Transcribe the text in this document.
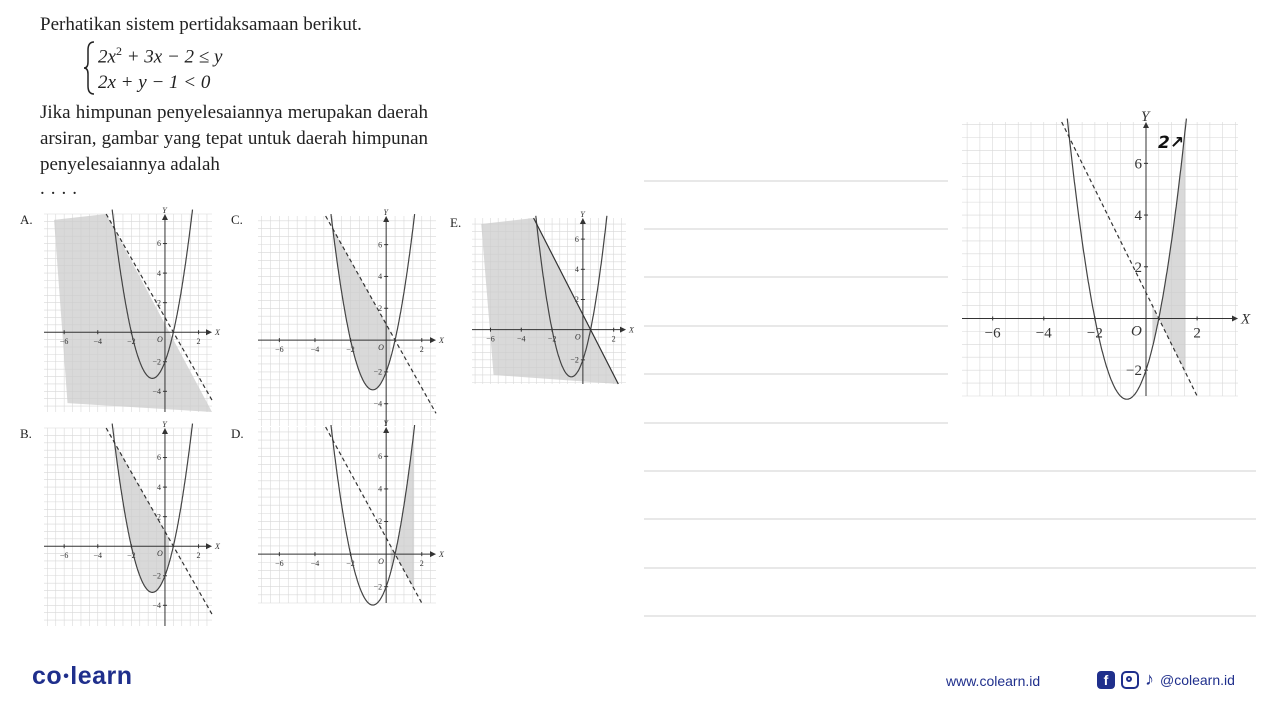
Perhatikan sistem pertidaksamaan berikut.
$2x^2 + 3x - 2 \le y$
2x + y − 1 < 0
Jika himpunan penyelesaiannya merupakan daerah arsiran, gambar yang tepat untuk daerah himpunan penyelesaiannya adalah
....
A.
B.
C.
D.
E.
−6	−4	−2	2
6
4
2
−2
−4
O
X
Y
−6	−4	−2	2
6
4
2
−2
−4
O
X
Y
−6	−4	−2	2
6
4
2
−2
−4
O
X
Y
−6	−4	−2	2
6
4
2
−2
O
X
Y
−6	−4	−2	2
6
4
2
−2
O
X
Y
−6 −4 −2	2
6
4
2
−2
O
X
Y
2↗
co•learn	www.colearn.id	f	♪ @colearn.id
